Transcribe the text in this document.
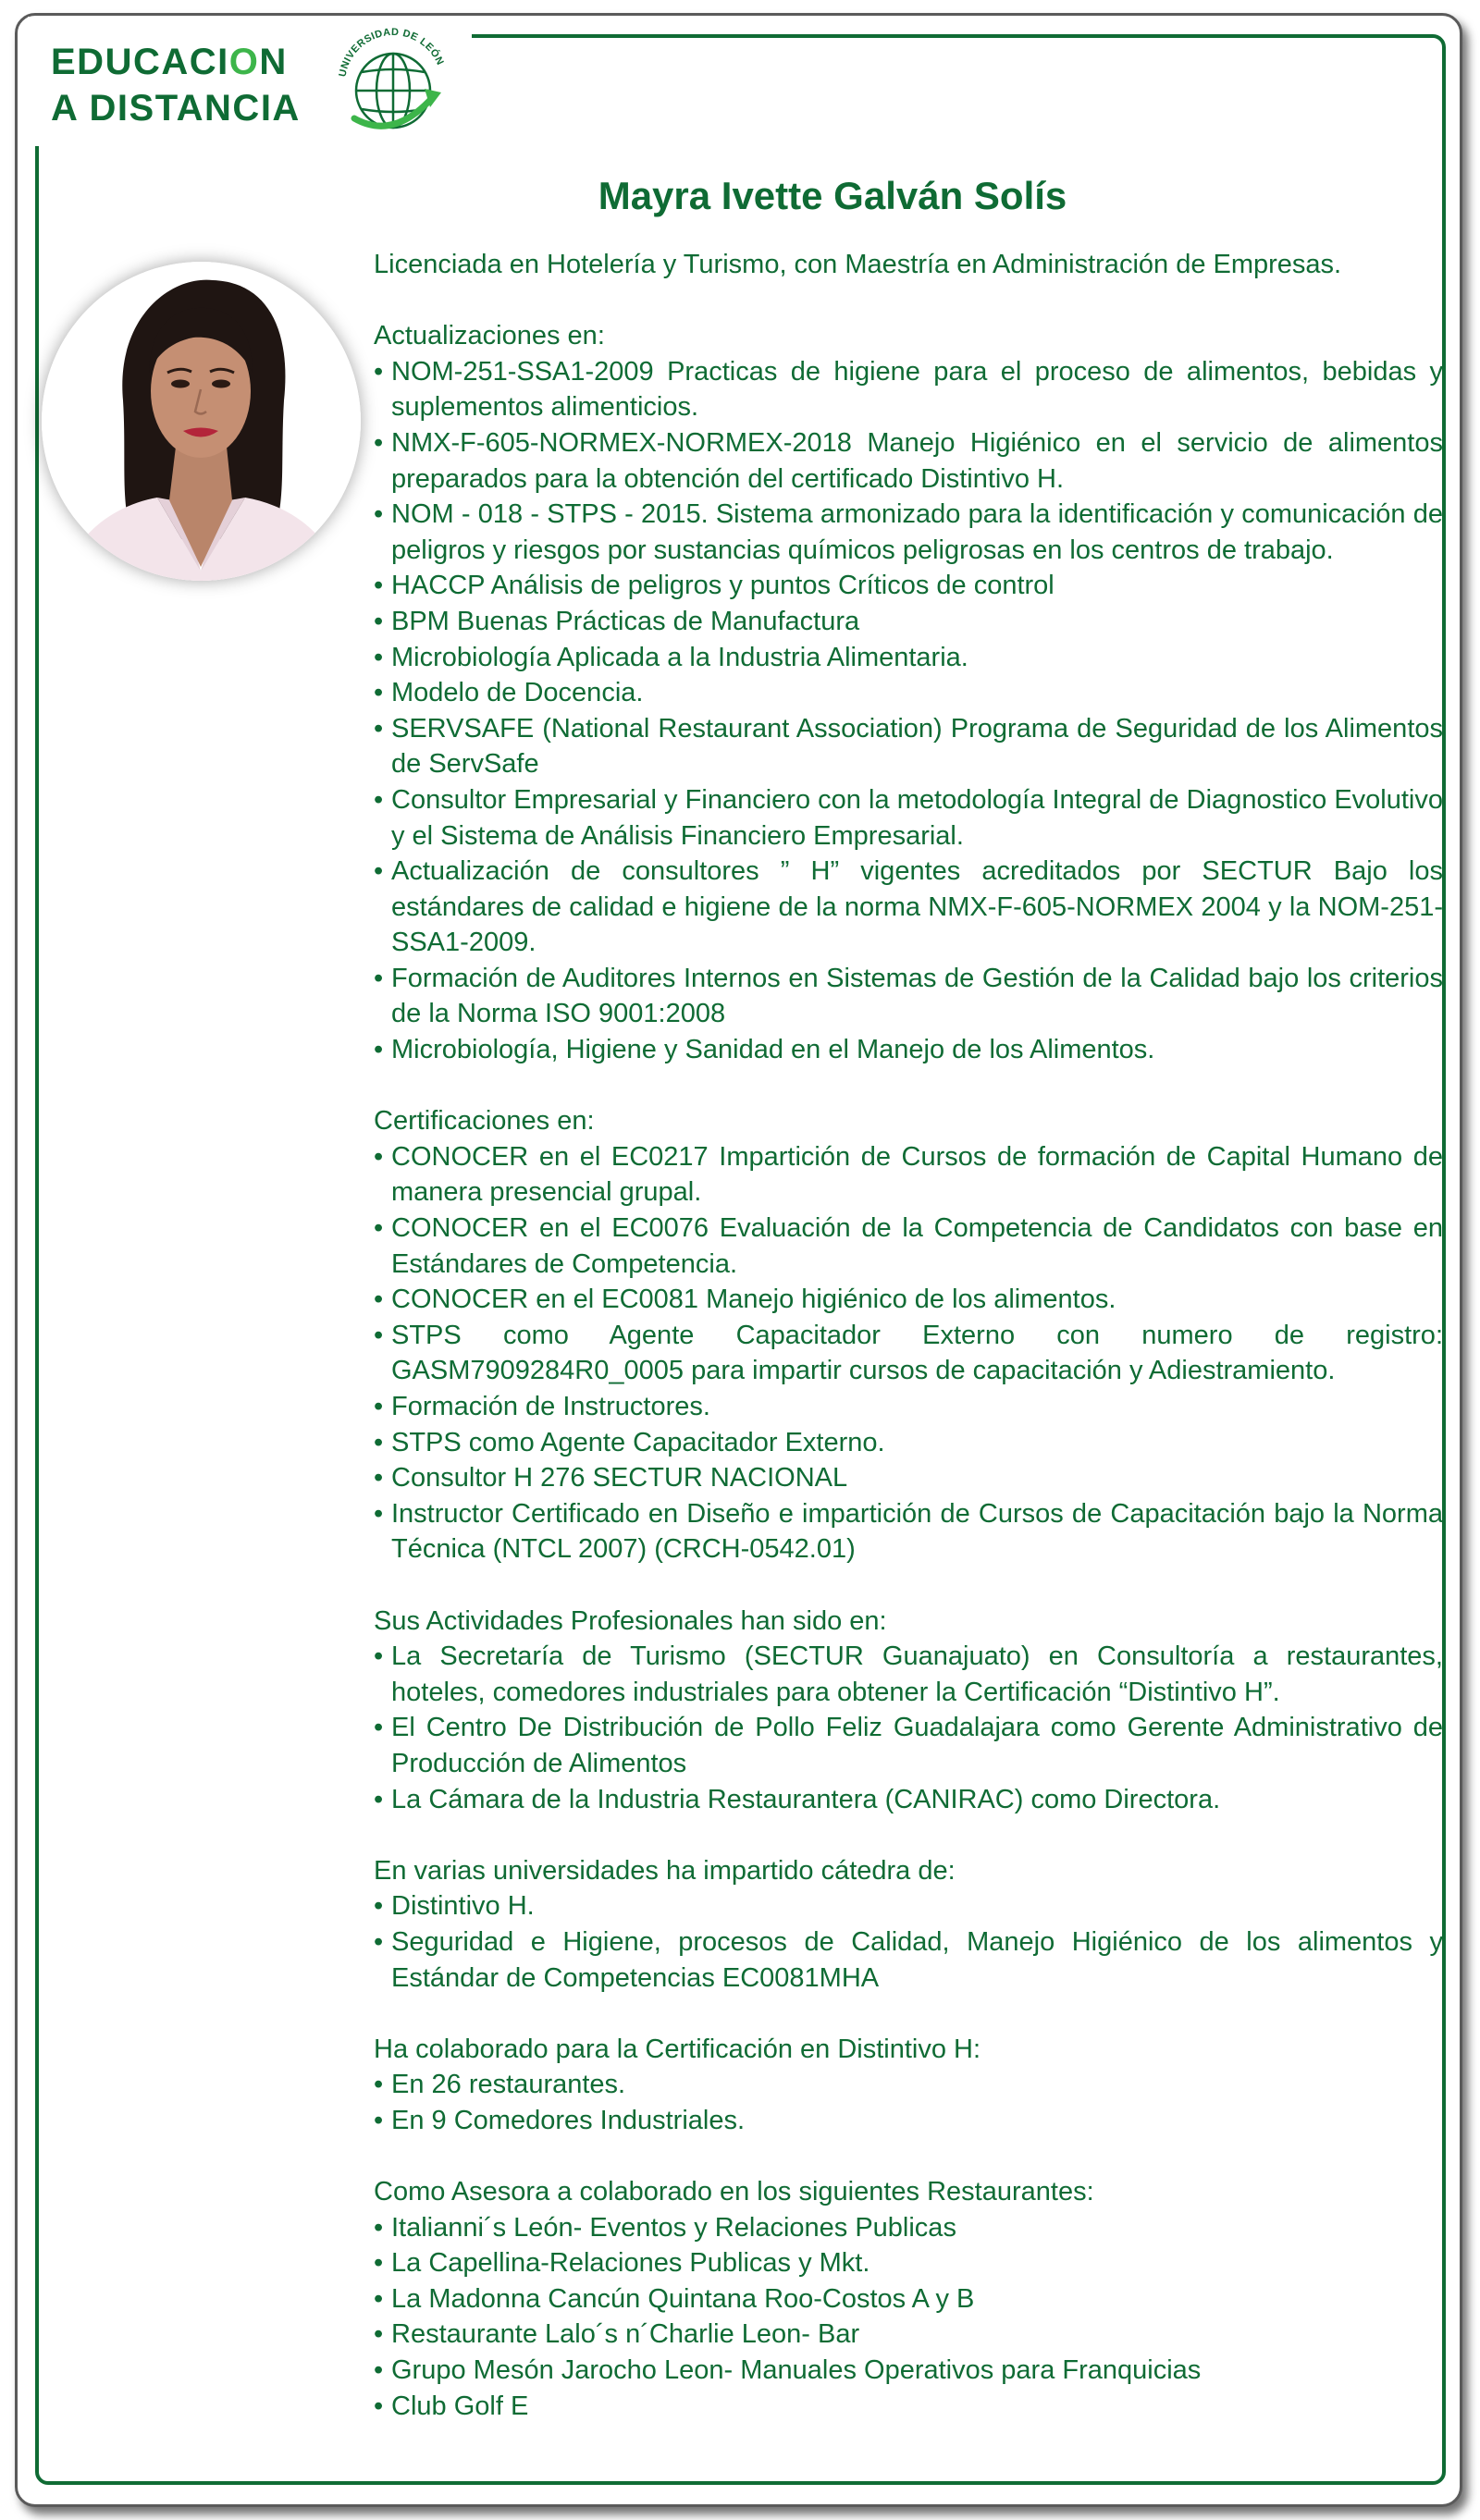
EDUCACION
A DISTANCIA
UNIVERSIDAD DE LEÓN
Mayra Ivette Galván Solís

Licenciada en Hotelería y Turismo, con Maestría en Administración de Empresas.

Actualizaciones en:

• NOM-251-SSA1-2009 Practicas de higiene para el proceso de alimentos, bebidas y suplementos alimenticios.
• NMX-F-605-NORMEX-NORMEX-2018 Manejo Higiénico en el servicio de alimentos preparados para la obtención del certificado Distintivo H.
• NOM - 018 - STPS - 2015. Sistema armonizado para la identificación y comunicación de peligros y riesgos por sustancias químicos peligrosas en los centros de trabajo.
• HACCP Análisis de peligros y puntos Críticos de control
• BPM Buenas Prácticas de Manufactura
• Microbiología Aplicada a la Industria Alimentaria.
• Modelo de Docencia.
• SERVSAFE (National Restaurant Association) Programa de Seguridad de los Alimentos de ServSafe
• Consultor Empresarial y Financiero con la metodología Integral de Diagnostico Evolutivo y el Sistema de Análisis Financiero Empresarial.
• Actualización de consultores ” H” vigentes acreditados por SECTUR Bajo los estándares de calidad e higiene de la norma NMX-F-605-NORMEX 2004 y la NOM-251-SSA1-2009.
• Formación de Auditores Internos en Sistemas de Gestión de la Calidad bajo los criterios de la Norma ISO 9001:2008
• Microbiología, Higiene y Sanidad en el Manejo de los Alimentos.

Certificaciones en:

• CONOCER en el EC0217 Impartición de Cursos de formación de Capital Humano de manera presencial grupal.
• CONOCER en el EC0076 Evaluación de la Competencia de Candidatos con base en Estándares de Competencia.
• CONOCER en el EC0081 Manejo higiénico de los alimentos.
• STPS como Agente Capacitador Externo con numero de registro: GASM7909284R0_0005 para impartir cursos de capacitación y Adiestramiento.
• Formación de Instructores.
• STPS como Agente Capacitador Externo.
• Consultor H 276 SECTUR NACIONAL
• Instructor Certificado en Diseño e impartición de Cursos de Capacitación bajo la Norma Técnica (NTCL 2007) (CRCH-0542.01)

Sus Actividades Profesionales han sido en:

• La Secretaría de Turismo (SECTUR Guanajuato) en Consultoría a restaurantes, hoteles, comedores industriales para obtener la Certificación “Distintivo H”.
• El Centro De Distribución de Pollo Feliz Guadalajara como Gerente Administrativo de Producción de Alimentos
• La Cámara de la Industria Restaurantera (CANIRAC) como Directora.

En varias universidades ha impartido cátedra de:

• Distintivo H.
• Seguridad e Higiene, procesos de Calidad, Manejo Higiénico de los alimentos y Estándar de Competencias EC0081MHA

Ha colaborado para la Certificación en Distintivo H:

• En 26 restaurantes.
• En 9 Comedores Industriales.

Como Asesora a colaborado en los siguientes Restaurantes:

• Italianni´s León- Eventos y Relaciones Publicas
• La Capellina-Relaciones Publicas y Mkt.
• La Madonna Cancún Quintana Roo-Costos A y B
• Restaurante Lalo´s n´Charlie Leon- Bar
• Grupo Mesón Jarocho Leon- Manuales Operativos para Franquicias
• Club Golf E
